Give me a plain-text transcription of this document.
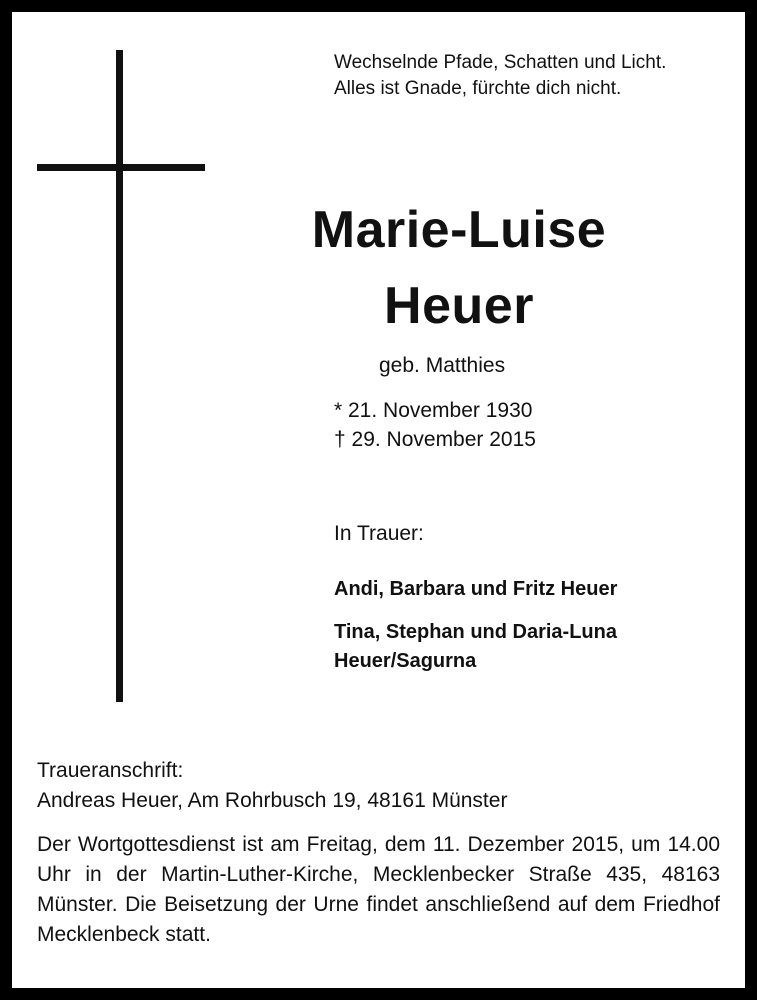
Wechselnde Pfade, Schatten und Licht.
Alles ist Gnade, fürchte dich nicht.
Marie-Luise
Heuer
geb. Matthies
* 21. November 1930
† 29. November 2015
In Trauer:
Andi, Barbara und Fritz Heuer
Tina, Stephan und Daria-Luna
Heuer/Sagurna
Traueranschrift:
Andreas Heuer, Am Rohrbusch 19, 48161 Münster
Der Wortgottesdienst ist am Freitag, dem 11. Dezember 2015, um 14.00 Uhr in der Martin-Luther-Kirche, Mecklenbecker Straße 435, 48163 Münster. Die Beisetzung der Urne findet anschließend auf dem Friedhof Mecklenbeck statt.
